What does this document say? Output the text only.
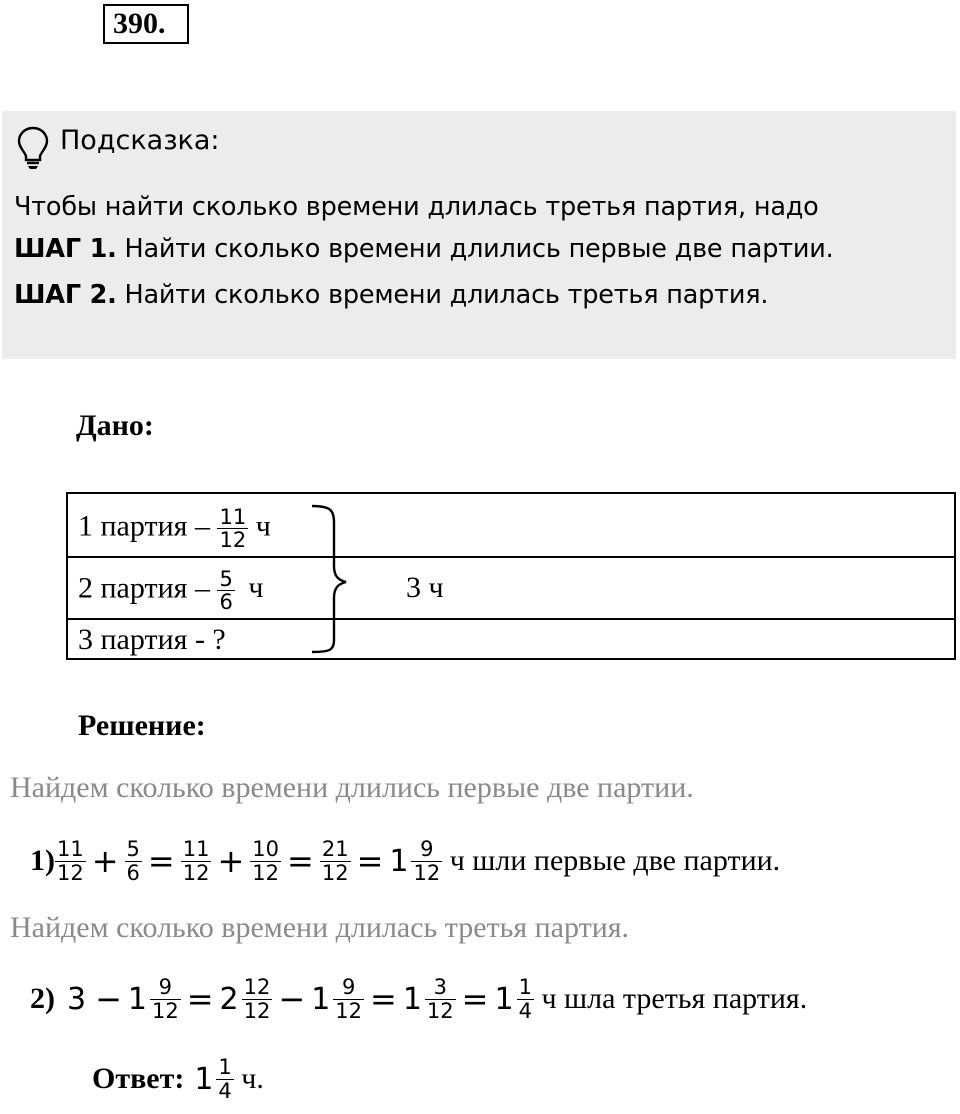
390.
Подсказка:
Чтобы найти сколько времени длилась третья партия, надо
ШАГ 1. Найти сколько времени длились первые две партии.
ШАГ 2. Найти сколько времени длилась третья партия.
Дано:
1 партия – $\frac{11}{12}$ ч
2 партия – $\frac{5}{6}$ ч
3 партия - ?
3 ч
Решение:
Найдем сколько времени длились первые две партии.
$1) \frac{11}{12} + \frac{5}{6} = \frac{11}{12} + \frac{10}{12} = \frac{21}{12} = 1 \frac{9}{12}$ ч шли первые две партии.
Найдем сколько времени длилась третья партия.
2) $3 - 1 \frac{9}{12} = 2 \frac{12}{12} - 1 \frac{9}{12} = 1 \frac{3}{12} = 1 \frac{1}{4}$ ч шла третья партия.
Ответ: $1 \frac{1}{4} ч$.
